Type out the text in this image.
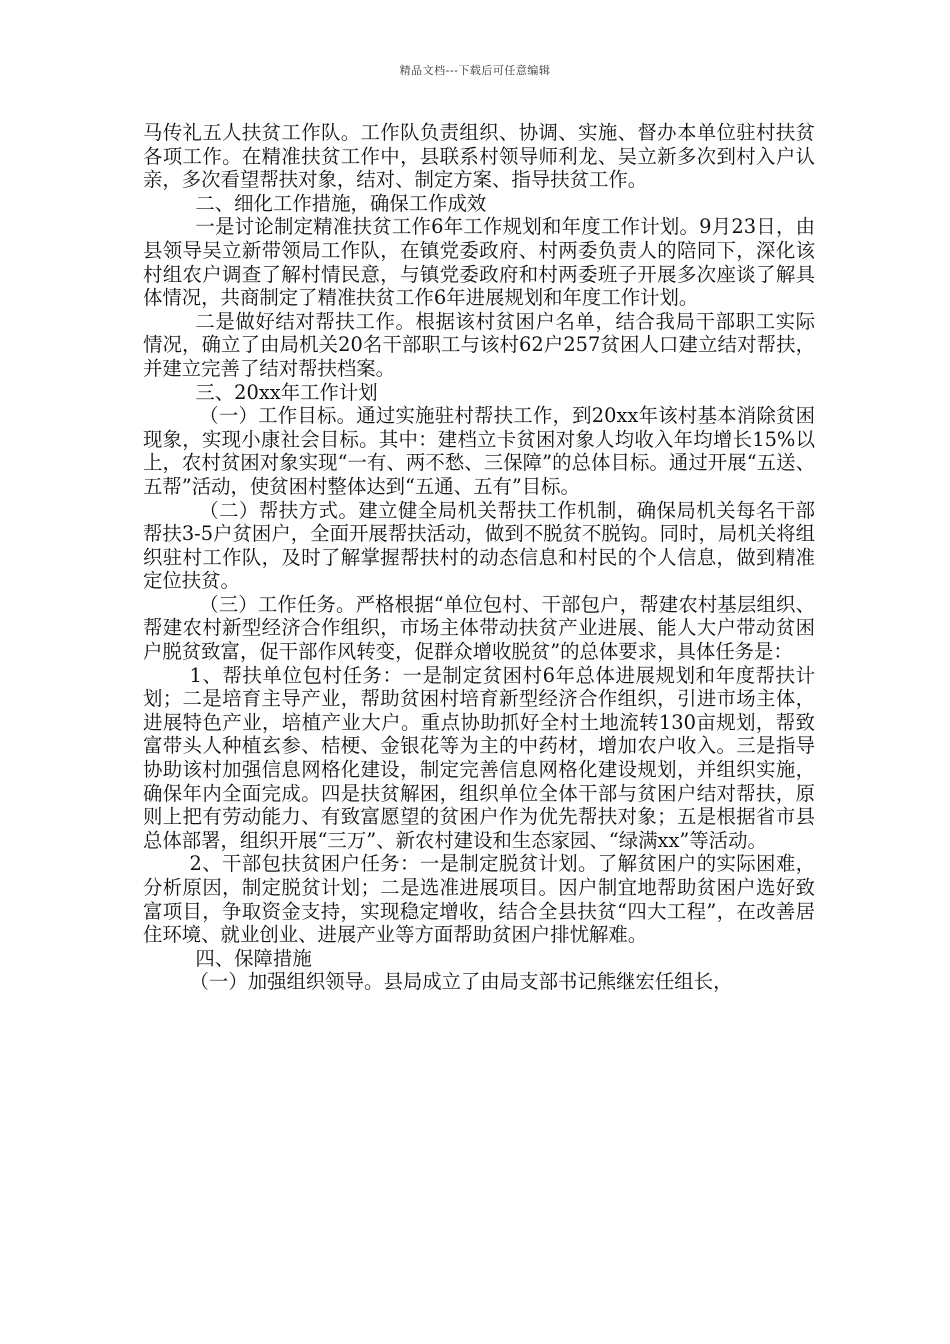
精品文档---下载后可任意编辑

马传礼五人扶贫工作队。工作队负责组织、协调、实施、督办本单位驻村扶贫各项工作。在精准扶贫工作中，县联系村领导师利龙、吴立新多次到村入户认亲，多次看望帮扶对象，结对、制定方案、指导扶贫工作。

二、细化工作措施，确保工作成效

一是讨论制定精准扶贫工作6年工作规划和年度工作计划。9月23日，由县领导吴立新带领局工作队，在镇党委政府、村两委负责人的陪同下，深化该村组农户调查了解村情民意，与镇党委政府和村两委班子开展多次座谈了解具体情况，共商制定了精准扶贫工作6年进展规划和年度工作计划。

二是做好结对帮扶工作。根据该村贫困户名单，结合我局干部职工实际情况，确立了由局机关20名干部职工与该村62户257贫困人口建立结对帮扶，并建立完善了结对帮扶档案。

三、20xx年工作计划

（一）工作目标。通过实施驻村帮扶工作，到20xx年该村基本消除贫困现象，实现小康社会目标。其中：建档立卡贫困对象人均收入年均增长15%以上，农村贫困对象实现“一有、两不愁、三保障”的总体目标。通过开展“五送、五帮”活动，使贫困村整体达到“五通、五有”目标。

（二）帮扶方式。建立健全局机关帮扶工作机制，确保局机关每名干部帮扶3-5户贫困户，全面开展帮扶活动，做到不脱贫不脱钩。同时，局机关将组织驻村工作队，及时了解掌握帮扶村的动态信息和村民的个人信息，做到精准定位扶贫。

（三）工作任务。严格根据“单位包村、干部包户，帮建农村基层组织、帮建农村新型经济合作组织，市场主体带动扶贫产业进展、能人大户带动贫困户脱贫致富，促干部作风转变，促群众增收脱贫”的总体要求，具体任务是：

1、帮扶单位包村任务：一是制定贫困村6年总体进展规划和年度帮扶计划；二是培育主导产业，帮助贫困村培育新型经济合作组织，引进市场主体，进展特色产业，培植产业大户。重点协助抓好全村土地流转130亩规划，帮致富带头人种植玄参、桔梗、金银花等为主的中药材，增加农户收入。三是指导协助该村加强信息网格化建设，制定完善信息网格化建设规划，并组织实施，确保年内全面完成。四是扶贫解困，组织单位全体干部与贫困户结对帮扶，原则上把有劳动能力、有致富愿望的贫困户作为优先帮扶对象；五是根据省市县总体部署，组织开展“三万”、新农村建设和生态家园、“绿满xx”等活动。

2、干部包扶贫困户任务：一是制定脱贫计划。了解贫困户的实际困难，分析原因，制定脱贫计划；二是选准进展项目。因户制宜地帮助贫困户选好致富项目，争取资金支持，实现稳定增收，结合全县扶贫“四大工程”，在改善居住环境、就业创业、进展产业等方面帮助贫困户排忧解难。

四、保障措施

（一）加强组织领导。县局成立了由局支部书记熊继宏任组长，
